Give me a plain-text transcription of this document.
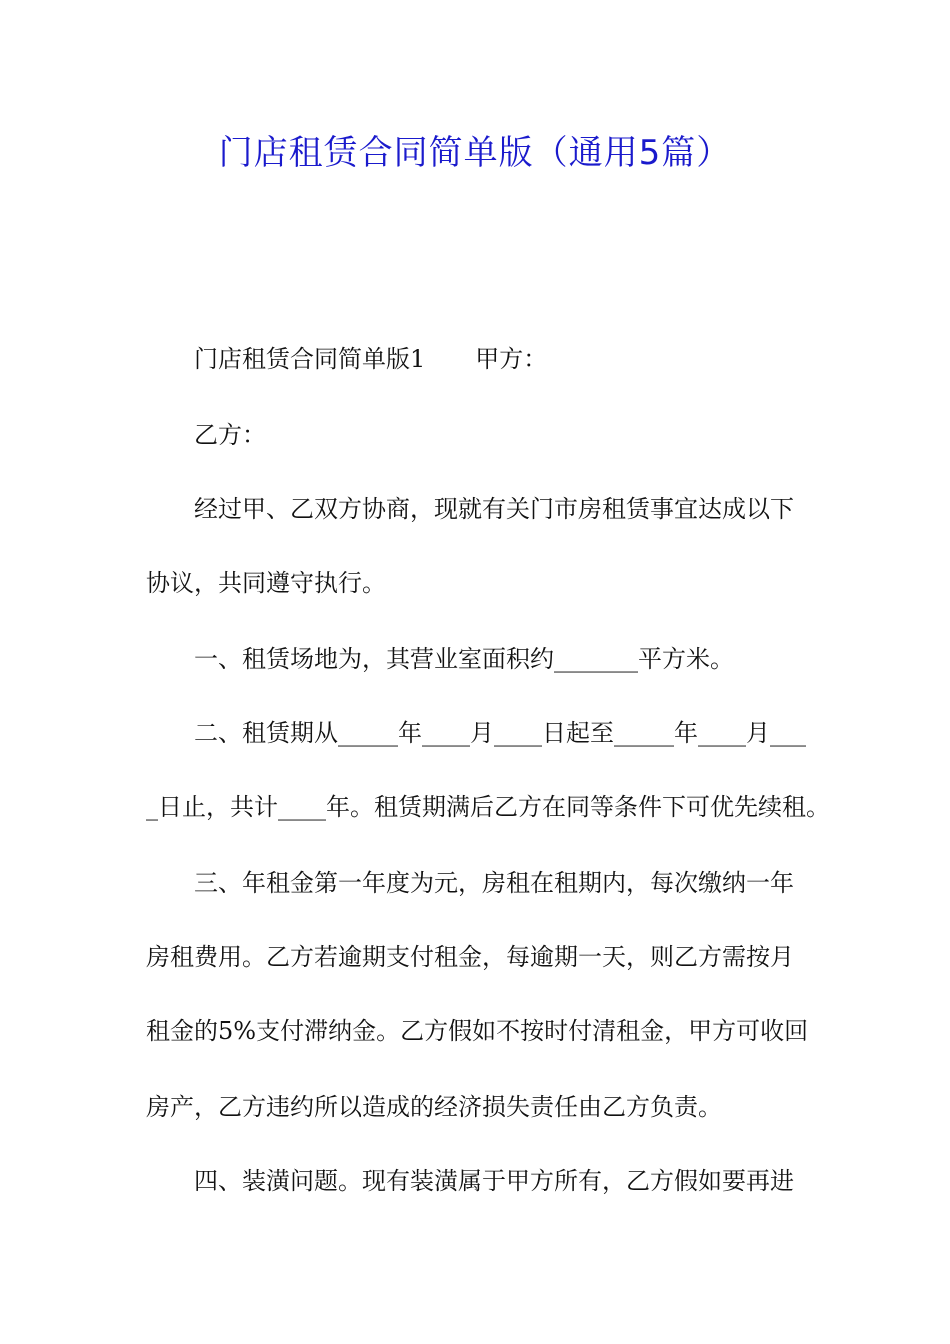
门店租赁合同简单版（通用5篇）
门店租赁合同简单版1 甲方：
乙方：
经过甲、乙双方协商，现就有关门市房租赁事宜达成以下
协议，共同遵守执行。
一、租赁场地为，其营业室面积约_______平方米。
二、租赁期从_____年____月____日起至_____年____月___
_日止，共计____年。租赁期满后乙方在同等条件下可优先续租。
三、年租金第一年度为元，房租在租期内，每次缴纳一年
房租费用。乙方若逾期支付租金，每逾期一天，则乙方需按月
租金的5%支付滞纳金。乙方假如不按时付清租金，甲方可收回
房产，乙方违约所以造成的经济损失责任由乙方负责。
四、装潢问题。现有装潢属于甲方所有，乙方假如要再进
